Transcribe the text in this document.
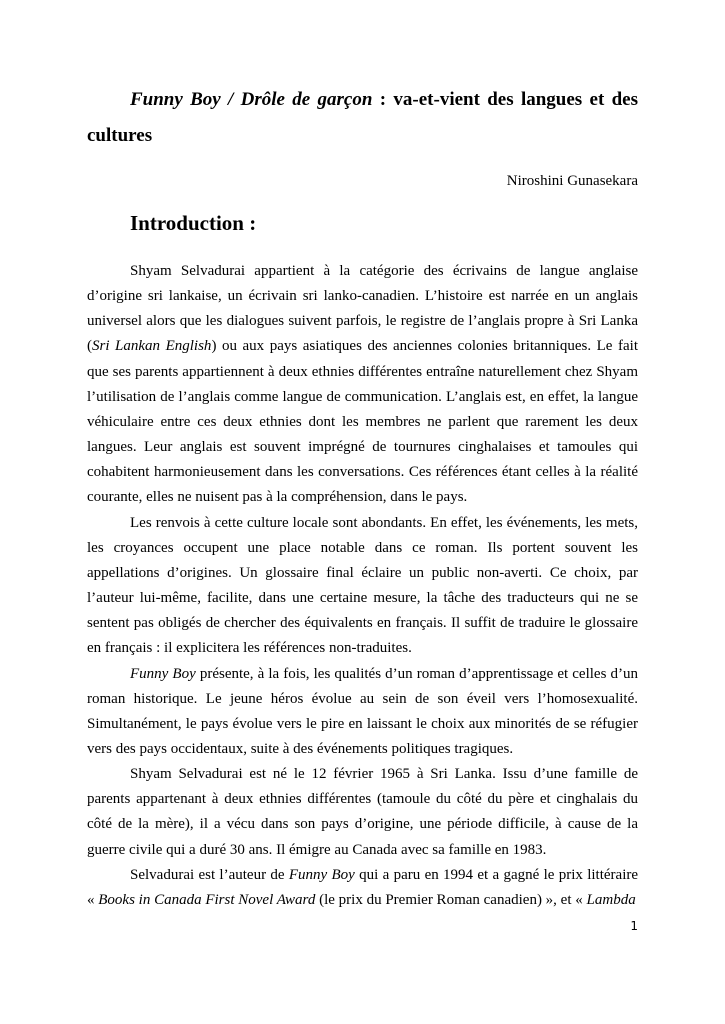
Funny Boy / Drôle de garçon : va-et-vient des langues et des cultures

Niroshini Gunasekara

Introduction :

Shyam Selvadurai appartient à la catégorie des écrivains de langue anglaise d’origine sri lankaise, un écrivain sri lanko-canadien. L’histoire est narrée en un anglais universel alors que les dialogues suivent parfois, le registre de l’anglais propre à Sri Lanka (Sri Lankan English) ou aux pays asiatiques des anciennes colonies britanniques. Le fait que ses parents appartiennent à deux ethnies différentes entraîne naturellement chez Shyam l’utilisation de l’anglais comme langue de communication. L’anglais est, en effet, la langue véhiculaire entre ces deux ethnies dont les membres ne parlent que rarement les deux langues. Leur anglais est souvent imprégné de tournures cinghalaises et tamoules qui cohabitent harmonieusement dans les conversations. Ces références étant celles à la réalité courante, elles ne nuisent pas à la compréhension, dans le pays.

Les renvois à cette culture locale sont abondants. En effet, les événements, les mets, les croyances occupent une place notable dans ce roman. Ils portent souvent les appellations d’origines. Un glossaire final éclaire un public non-averti. Ce choix, par l’auteur lui-même, facilite, dans une certaine mesure, la tâche des traducteurs qui ne se sentent pas obligés de chercher des équivalents en français. Il suffit de traduire le glossaire en français : il explicitera les références non-traduites.

Funny Boy présente, à la fois, les qualités d’un roman d’apprentissage et celles d’un roman historique. Le jeune héros évolue au sein de son éveil vers l’homosexualité. Simultanément, le pays évolue vers le pire en laissant le choix aux minorités de se réfugier vers des pays occidentaux, suite à des événements politiques tragiques.

Shyam Selvadurai est né le 12 février 1965 à Sri Lanka. Issu d’une famille de parents appartenant à deux ethnies différentes (tamoule du côté du père et cinghalais du côté de la mère), il a vécu dans son pays d’origine, une période difficile, à cause de la guerre civile qui a duré 30 ans. Il émigre au Canada avec sa famille en 1983.

Selvadurai est l’auteur de Funny Boy qui a paru en 1994 et a gagné le prix littéraire « Books in Canada First Novel Award (le prix du Premier Roman canadien) », et « Lambda

1
